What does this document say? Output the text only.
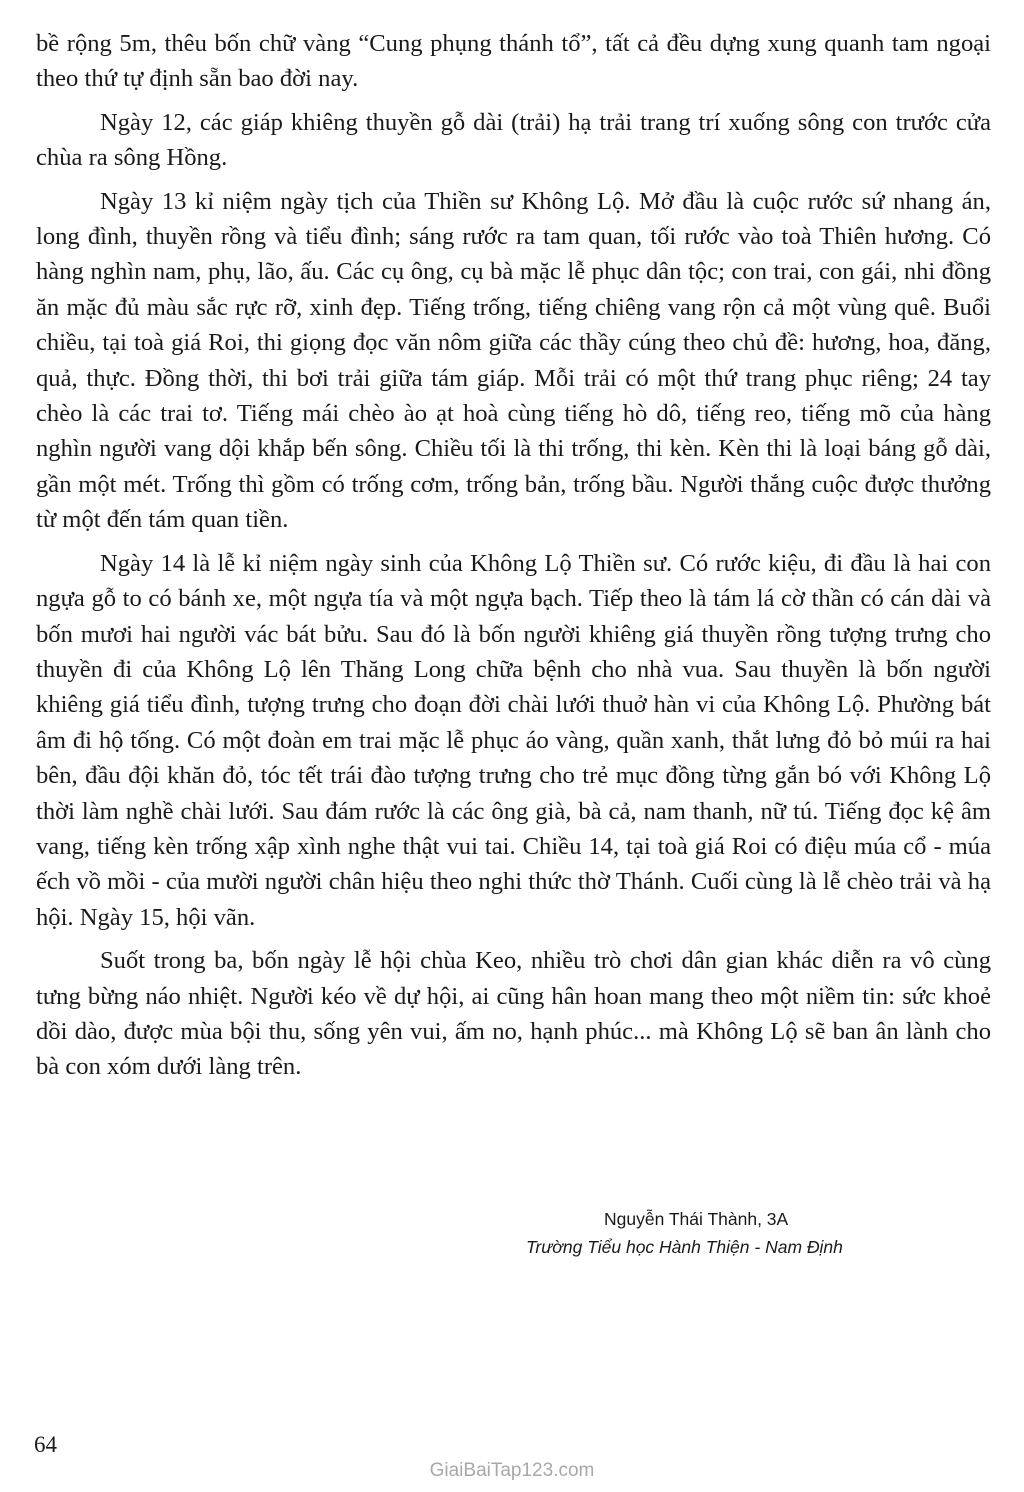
bề rộng 5m, thêu bốn chữ vàng “Cung phụng thánh tổ”, tất cả đều dựng xung quanh tam ngoại theo thứ tự định sẵn bao đời nay.

Ngày 12, các giáp khiêng thuyền gỗ dài (trải) hạ trải trang trí xuống sông con trước cửa chùa ra sông Hồng.

Ngày 13 kỉ niệm ngày tịch của Thiền sư Không Lộ. Mở đầu là cuộc rước sứ nhang án, long đình, thuyền rồng và tiểu đình; sáng rước ra tam quan, tối rước vào toà Thiên hương. Có hàng nghìn nam, phụ, lão, ấu. Các cụ ông, cụ bà mặc lễ phục dân tộc; con trai, con gái, nhi đồng ăn mặc đủ màu sắc rực rỡ, xinh đẹp. Tiếng trống, tiếng chiêng vang rộn cả một vùng quê. Buổi chiều, tại toà giá Roi, thi giọng đọc văn nôm giữa các thầy cúng theo chủ đề: hương, hoa, đăng, quả, thực. Đồng thời, thi bơi trải giữa tám giáp. Mỗi trải có một thứ trang phục riêng; 24 tay chèo là các trai tơ. Tiếng mái chèo ào ạt hoà cùng tiếng hò dô, tiếng reo, tiếng mõ của hàng nghìn người vang dội khắp bến sông. Chiều tối là thi trống, thi kèn. Kèn thi là loại báng gỗ dài, gần một mét. Trống thì gồm có trống cơm, trống bản, trống bầu. Người thắng cuộc được thưởng từ một đến tám quan tiền.

Ngày 14 là lễ kỉ niệm ngày sinh của Không Lộ Thiền sư. Có rước kiệu, đi đầu là hai con ngựa gỗ to có bánh xe, một ngựa tía và một ngựa bạch. Tiếp theo là tám lá cờ thần có cán dài và bốn mươi hai người vác bát bửu. Sau đó là bốn người khiêng giá thuyền rồng tượng trưng cho thuyền đi của Không Lộ lên Thăng Long chữa bệnh cho nhà vua. Sau thuyền là bốn người khiêng giá tiểu đình, tượng trưng cho đoạn đời chài lưới thuở hàn vi của Không Lộ. Phường bát âm đi hộ tống. Có một đoàn em trai mặc lễ phục áo vàng, quần xanh, thắt lưng đỏ bỏ múi ra hai bên, đầu đội khăn đỏ, tóc tết trái đào tượng trưng cho trẻ mục đồng từng gắn bó với Không Lộ thời làm nghề chài lưới. Sau đám rước là các ông già, bà cả, nam thanh, nữ tú. Tiếng đọc kệ âm vang, tiếng kèn trống xập xình nghe thật vui tai. Chiều 14, tại toà giá Roi có điệu múa cổ - múa ếch vồ mồi - của mười người chân hiệu theo nghi thức thờ Thánh. Cuối cùng là lễ chèo trải và hạ hội. Ngày 15, hội vãn.

Suốt trong ba, bốn ngày lễ hội chùa Keo, nhiều trò chơi dân gian khác diễn ra vô cùng tưng bừng náo nhiệt. Người kéo về dự hội, ai cũng hân hoan mang theo một niềm tin: sức khoẻ dồi dào, được mùa bội thu, sống yên vui, ấm no, hạnh phúc... mà Không Lộ sẽ ban ân lành cho bà con xóm dưới làng trên.

Nguyễn Thái Thành, 3A
Trường Tiểu học Hành Thiện - Nam Định
64
GiaiBaiTap123.com
